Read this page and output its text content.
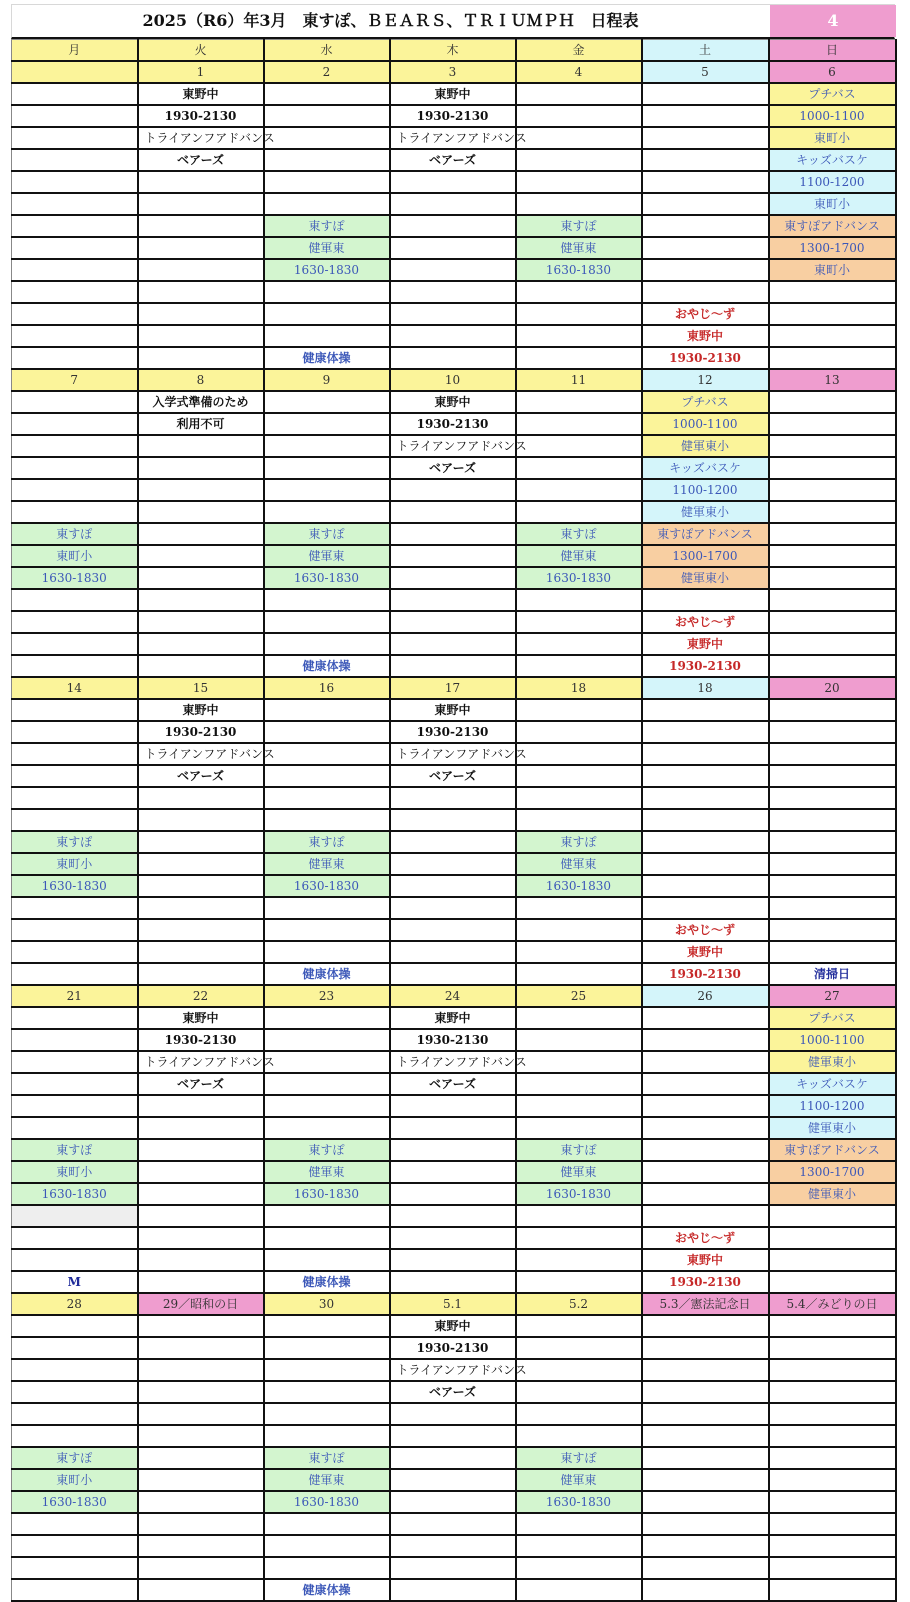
2025（R6）年3月　東すぽ、ＢＥＡＲＳ、ＴＲＩＵＭＰＨ　日程表	4
月	火	水	木	金	土	日
	1	2	3	4	5	6
	東野中		東野中			プチバス
	1930-2130		1930-2130			1000-1100
	トライアンフアドバンス		トライアンフアドバンス			東町小
	ベアーズ		ベアーズ			キッズバスケ
						1100-1200
						東町小
		東すぽ		東すぽ		東すぽアドバンス
		健軍東		健軍東		1300-1700
		1630-1830		1630-1830		東町小

					おやじ～ず	
					東野中	
		健康体操			1930-2130	
7	8	9	10	11	12	13
	入学式準備のため		東野中		プチバス	
	利用不可		1930-2130		1000-1100	
			トライアンフアドバンス		健軍東小	
			ベアーズ		キッズバスケ	
					1100-1200	
					健軍東小	
東すぽ		東すぽ		東すぽ	東すぽアドバンス	
東町小		健軍東		健軍東	1300-1700	
1630-1830		1630-1830		1630-1830	健軍東小	

					おやじ～ず	
					東野中	
		健康体操			1930-2130	
14	15	16	17	18	18	20
	東野中		東野中			
	1930-2130		1930-2130			
	トライアンフアドバンス		トライアンフアドバンス			
	ベアーズ		ベアーズ			

東すぽ		東すぽ		東すぽ		
東町小		健軍東		健軍東		
1630-1830		1630-1830		1630-1830		

					おやじ～ず	
					東野中	
		健康体操			1930-2130	清掃日
21	22	23	24	25	26	27
	東野中		東野中			プチバス
	1930-2130		1930-2130			1000-1100
	トライアンフアドバンス		トライアンフアドバンス			健軍東小
	ベアーズ		ベアーズ			キッズバスケ
						1100-1200
						健軍東小
東すぽ		東すぽ		東すぽ		東すぽアドバンス
東町小		健軍東		健軍東		1300-1700
1630-1830		1630-1830		1630-1830		健軍東小

					おやじ～ず	
					東野中	
M		健康体操			1930-2130	
28	29／昭和の日	30	5.1	5.2	5.3／憲法記念日	5.4／みどりの日
			東野中			
			1930-2130			
			トライアンフアドバンス			
			ベアーズ			

東すぽ		東すぽ		東すぽ		
東町小		健軍東		健軍東		
1630-1830		1630-1830		1630-1830		

		健康体操				
